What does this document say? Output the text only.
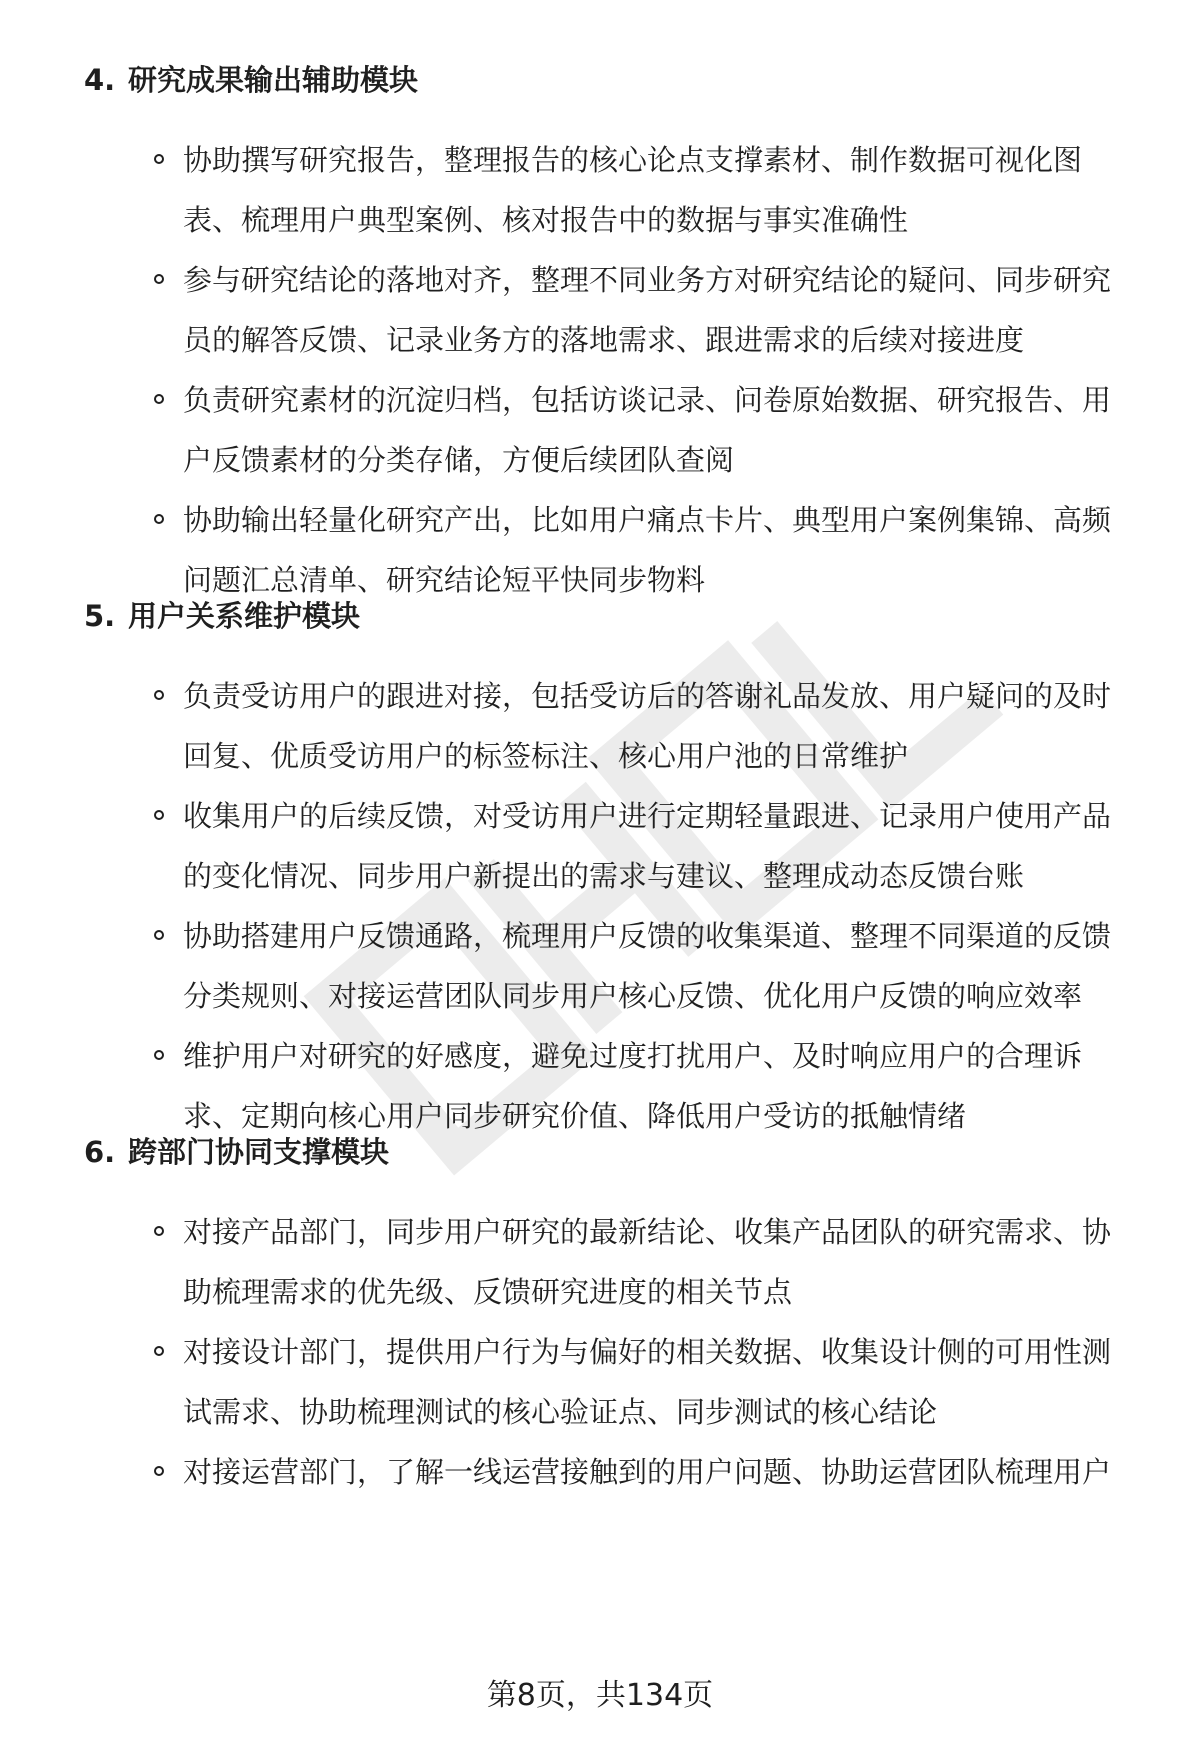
4. 研究成果输出辅助模块
协助撰写研究报告，整理报告的核心论点支撑素材、制作数据可视化图
表、梳理用户典型案例、核对报告中的数据与事实准确性
参与研究结论的落地对齐，整理不同业务方对研究结论的疑问、同步研究
员的解答反馈、记录业务方的落地需求、跟进需求的后续对接进度
负责研究素材的沉淀归档，包括访谈记录、问卷原始数据、研究报告、用
户反馈素材的分类存储，方便后续团队查阅
协助输出轻量化研究产出，比如用户痛点卡片、典型用户案例集锦、高频
问题汇总清单、研究结论短平快同步物料
5. 用户关系维护模块
负责受访用户的跟进对接，包括受访后的答谢礼品发放、用户疑问的及时
回复、优质受访用户的标签标注、核心用户池的日常维护
收集用户的后续反馈，对受访用户进行定期轻量跟进、记录用户使用产品
的变化情况、同步用户新提出的需求与建议、整理成动态反馈台账
协助搭建用户反馈通路，梳理用户反馈的收集渠道、整理不同渠道的反馈
分类规则、对接运营团队同步用户核心反馈、优化用户反馈的响应效率
维护用户对研究的好感度，避免过度打扰用户、及时响应用户的合理诉
求、定期向核心用户同步研究价值、降低用户受访的抵触情绪
6. 跨部门协同支撑模块
对接产品部门，同步用户研究的最新结论、收集产品团队的研究需求、协
助梳理需求的优先级、反馈研究进度的相关节点
对接设计部门，提供用户行为与偏好的相关数据、收集设计侧的可用性测
试需求、协助梳理测试的核心验证点、同步测试的核心结论
对接运营部门，了解一线运营接触到的用户问题、协助运营团队梳理用户
第8页，共134页
